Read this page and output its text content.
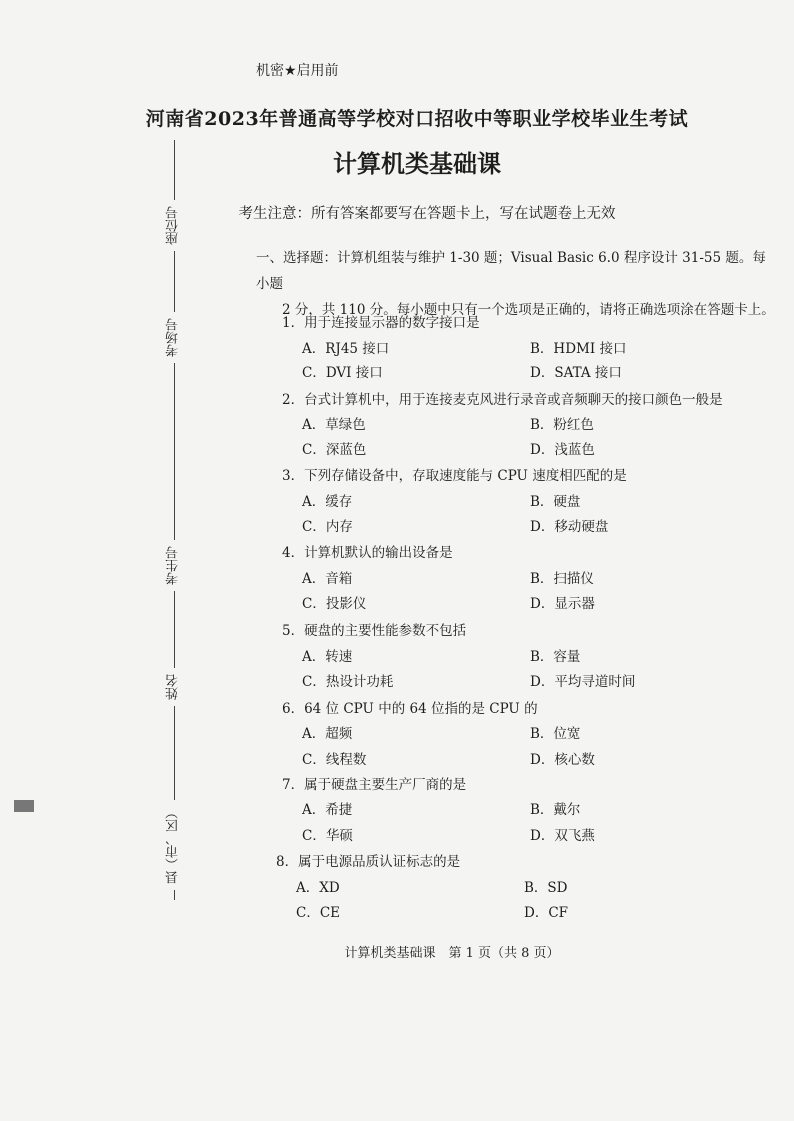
座位号
考场号
考生号
姓名
县（市、区）
机密★启用前
河南省2023年普通高等学校对口招收中等职业学校毕业生考试
计算机类基础课
考生注意：所有答案都要写在答题卡上，写在试题卷上无效
一、选择题：计算机组装与维护 1-30 题；Visual Basic 6.0 程序设计 31-55 题。每小题
2 分，共 110 分。每小题中只有一个选项是正确的，请将正确选项涂在答题卡上。
1．用于连接显示器的数字接口是
A．RJ45 接口	B．HDMI 接口
C．DVI 接口	D．SATA 接口
2．台式计算机中，用于连接麦克风进行录音或音频聊天的接口颜色一般是
A．草绿色	B．粉红色
C．深蓝色	D．浅蓝色
3．下列存储设备中，存取速度能与 CPU 速度相匹配的是
A．缓存	B．硬盘
C．内存	D．移动硬盘
4．计算机默认的输出设备是
A．音箱	B．扫描仪
C．投影仪	D．显示器
5．硬盘的主要性能参数不包括
A．转速	B．容量
C．热设计功耗	D．平均寻道时间
6．64 位 CPU 中的 64 位指的是 CPU 的
A．超频	B．位宽
C．线程数	D．核心数
7．属于硬盘主要生产厂商的是
A．希捷	B．戴尔
C．华硕	D．双飞燕
8．属于电源品质认证标志的是
A．XD	B．SD
C．CE	D．CF
计算机类基础课　第 1 页（共 8 页）
